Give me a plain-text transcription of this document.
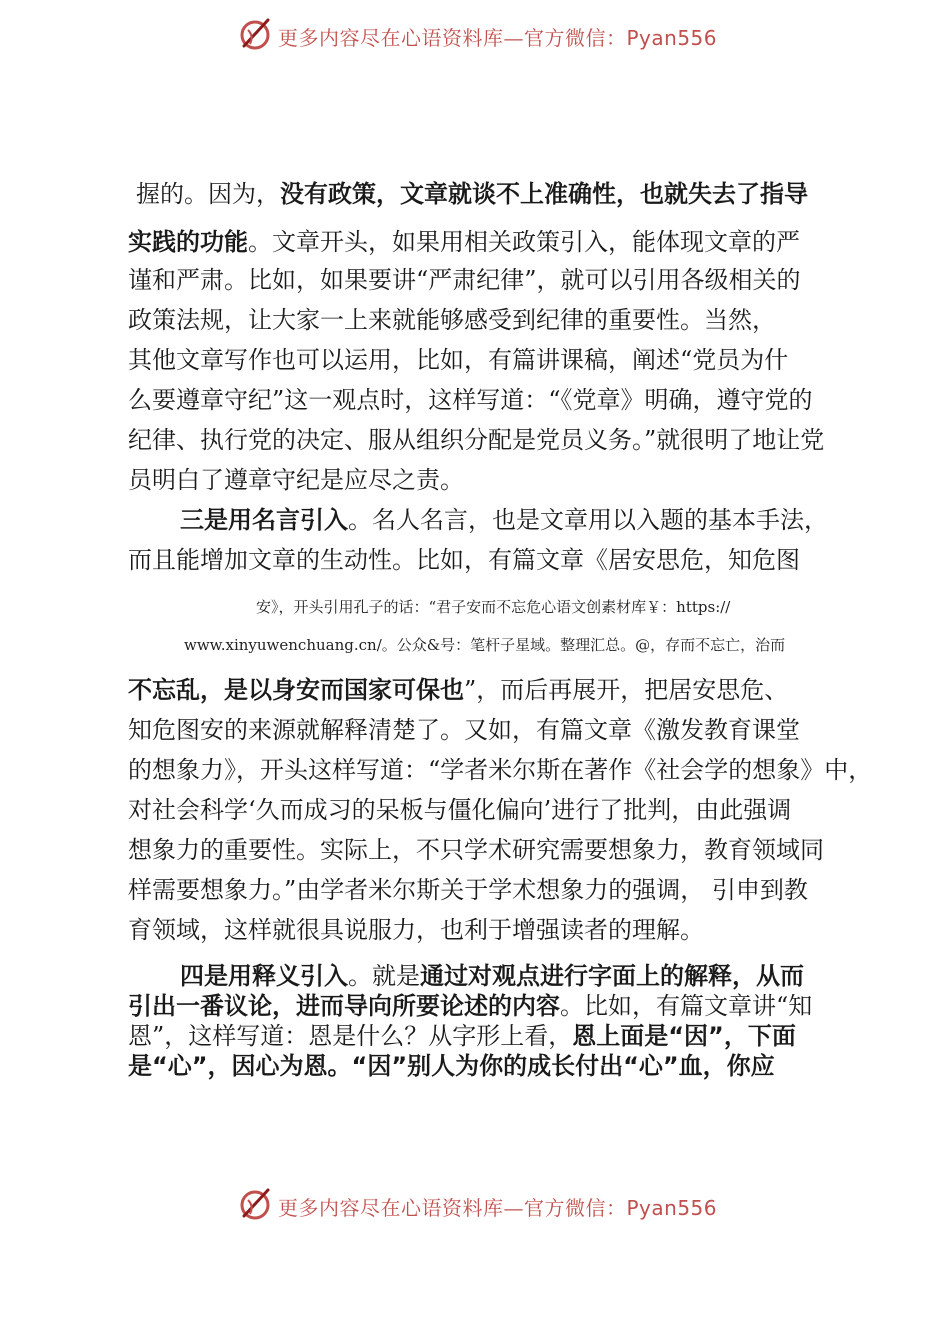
更多内容尽在心语资料库—官方微信：Pyan556
握的。因为，没有政策，文章就谈不上准确性，也就失去了指导
实践的功能。文章开头，如果用相关政策引入，能体现文章的严
谨和严肃。比如，如果要讲“严肃纪律”，就可以引用各级相关的
政策法规，让大家一上来就能够感受到纪律的重要性。当然，
其他文章写作也可以运用，比如，有篇讲课稿，阐述“党员为什
么要遵章守纪”这一观点时，这样写道：“《党章》明确，遵守党的
纪律、执行党的决定、服从组织分配是党员义务。”就很明了地让党
员明白了遵章守纪是应尽之责。
三是用名言引入。名人名言，也是文章用以入题的基本手法，
而且能增加文章的生动性。比如，有篇文章《居安思危，知危图
安》，开头引用孔子的话：“君子安而不忘危心语文创素材库￥：https://
www.xinyuwenchuang.cn/。公众&号：笔杆子星域。整理汇总。@，存而不忘亡，治而
不忘乱，是以身安而国家可保也”，而后再展开，把居安思危、
知危图安的来源就解释清楚了。又如，有篇文章《激发教育课堂
的想象力》，开头这样写道：“学者米尔斯在著作《社会学的想象》中，
对社会科学‘久而成习的呆板与僵化偏向’进行了批判，由此强调
想象力的重要性。实际上，不只学术研究需要想象力，教育领域同
样需要想象力。”由学者米尔斯关于学术想象力的强调， 引申到教
育领域，这样就很具说服力，也利于增强读者的理解。
四是用释义引入。就是通过对观点进行字面上的解释，从而
引出一番议论，进而导向所要论述的内容。比如，有篇文章讲“知
恩”，这样写道：恩是什么？从字形上看，恩上面是“因”，下面
是“心”，因心为恩。“因”别人为你的成长付出“心”血，你应
更多内容尽在心语资料库—官方微信：Pyan556
